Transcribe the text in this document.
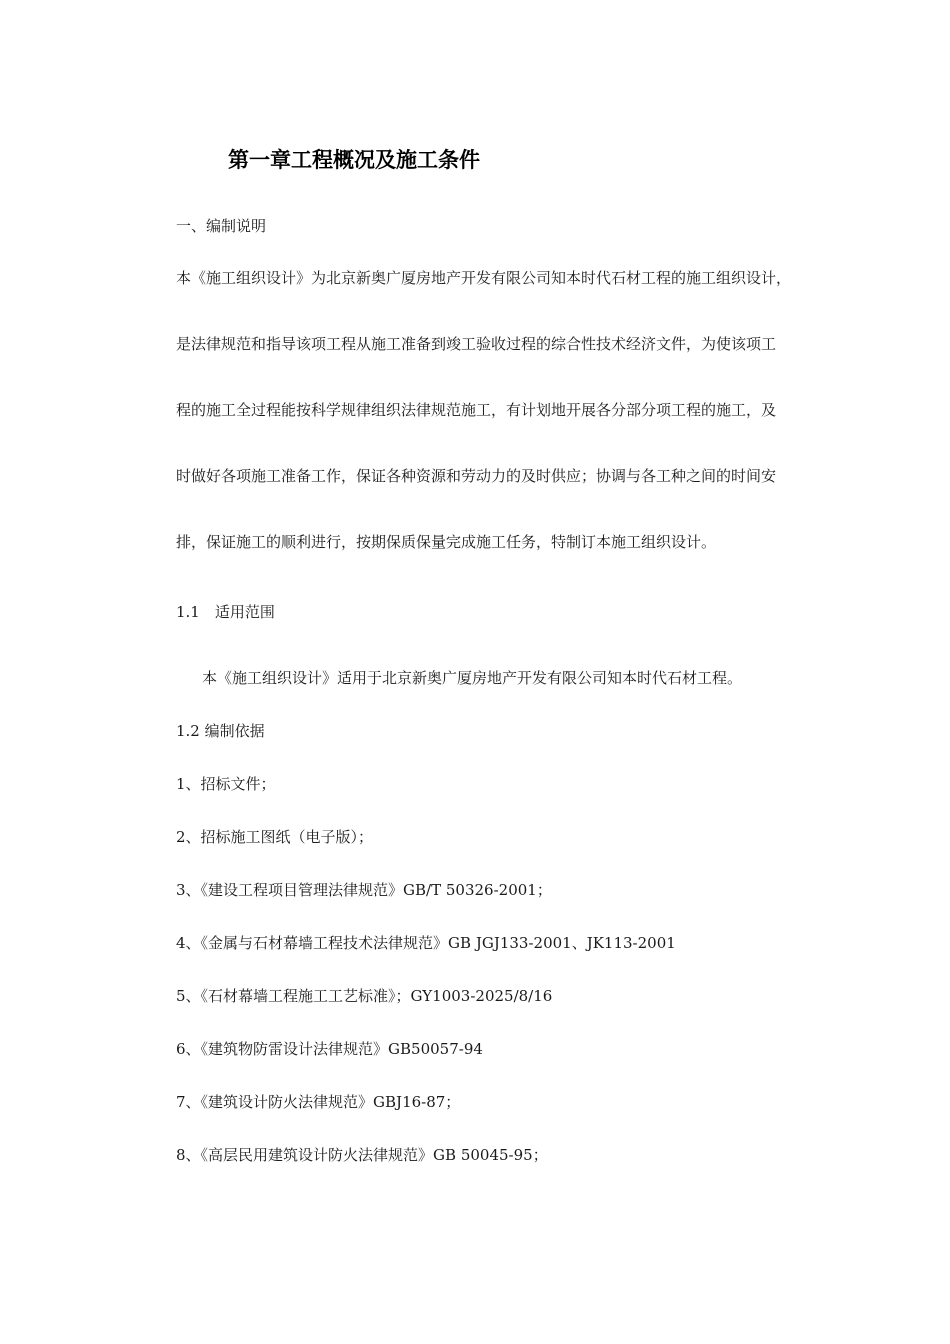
第一章工程概况及施工条件

一、编制说明

本《施工组织设计》为北京新奥广厦房地产开发有限公司知本时代石材工程的施工组织设计，
是法律规范和指导该项工程从施工准备到竣工验收过程的综合性技术经济文件，为使该项工
程的施工全过程能按科学规律组织法律规范施工，有计划地开展各分部分项工程的施工，及
时做好各项施工准备工作，保证各种资源和劳动力的及时供应；协调与各工种之间的时间安
排，保证施工的顺利进行，按期保质保量完成施工任务，特制订本施工组织设计。

1.1　适用范围

本《施工组织设计》适用于北京新奥广厦房地产开发有限公司知本时代石材工程。

1.2 编制依据

1、招标文件；
2、招标施工图纸（电子版）；
3、《建设工程项目管理法律规范》GB/T 50326-2001；
4、《金属与石材幕墙工程技术法律规范》GB JGJ133-2001、JK113-2001
5、《石材幕墙工程施工工艺标准》；GY1003-2025/8/16
6、《建筑物防雷设计法律规范》GB50057-94
7、《建筑设计防火法律规范》GBJ16-87；
8、《高层民用建筑设计防火法律规范》GB 50045-95；
